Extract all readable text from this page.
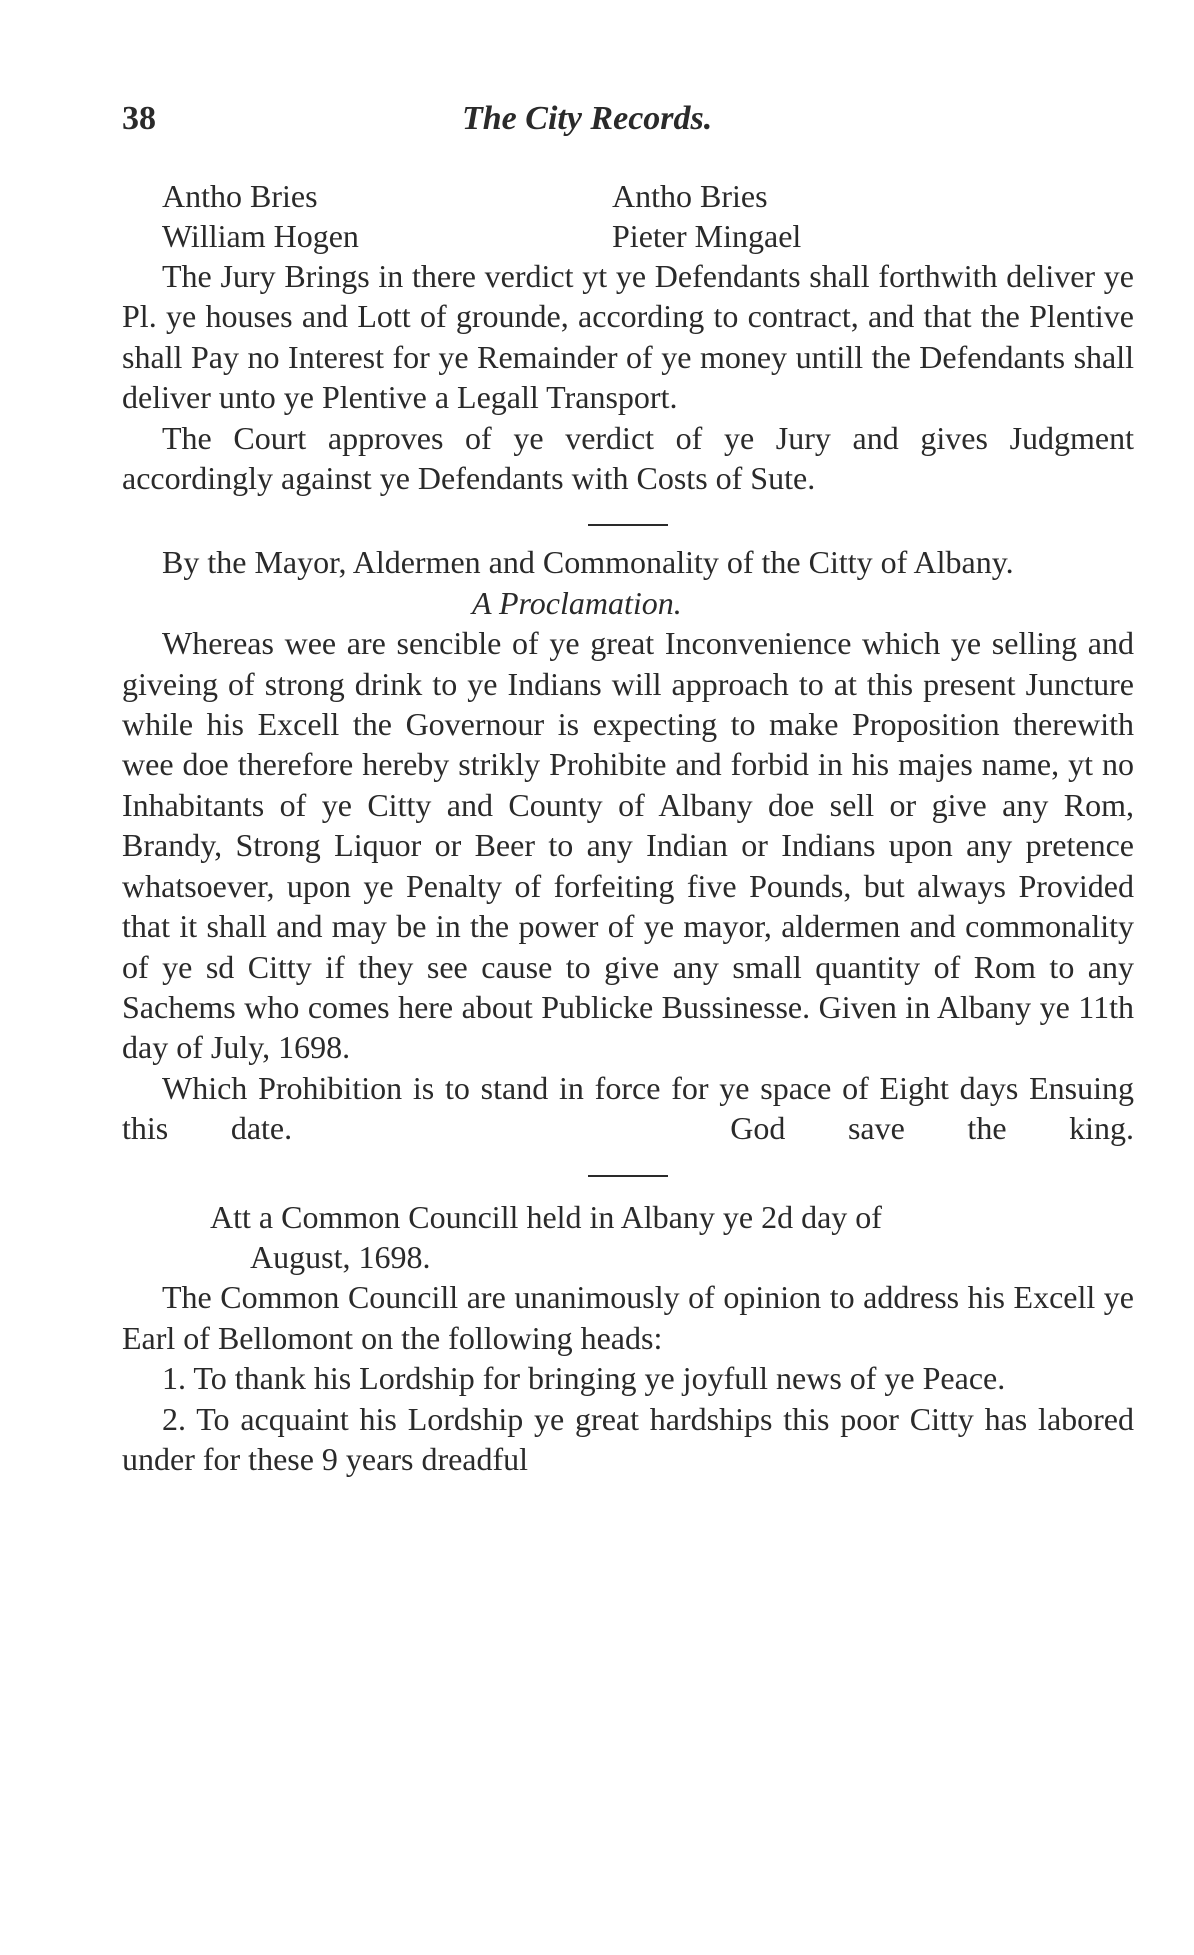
38	The City Records.
Antho Bries	Antho Bries
William Hogen	Pieter Mingael

The Jury Brings in there verdict yt ye Defendants shall forthwith deliver ye Pl. ye houses and Lott of grounde, according to contract, and that the Plentive shall Pay no Interest for ye Remainder of ye money untill the Defendants shall deliver unto ye Plentive a Legall Transport.

The Court approves of ye verdict of ye Jury and gives Judgment accordingly against ye Defendants with Costs of Sute.

By the Mayor, Aldermen and Commonality of the Citty of Albany.

A Proclamation.

Whereas wee are sencible of ye great Inconvenience which ye selling and giveing of strong drink to ye Indians will approach to at this present Juncture while his Excell the Governour is expecting to make Proposition therewith wee doe therefore hereby strikly Prohibite and forbid in his majes name, yt no Inhabitants of ye Citty and County of Albany doe sell or give any Rom, Brandy, Strong Liquor or Beer to any Indian or Indians upon any pretence whatsoever, upon ye Penalty of forfeiting five Pounds, but always Provided that it shall and may be in the power of ye mayor, aldermen and commonality of ye sd Citty if they see cause to give any small quantity of Rom to any Sachems who comes here about Publicke Bussinesse. Given in Albany ye 11th day of July, 1698.

Which Prohibition is to stand in force for ye space of Eight days Ensuing this date.	God save the king.

Att a Common Councill held in Albany ye 2d day of

August, 1698.

The Common Councill are unanimously of opinion to address his Excell ye Earl of Bellomont on the following heads:

1. To thank his Lordship for bringing ye joyfull news of ye Peace.

2. To acquaint his Lordship ye great hardships this poor Citty has labored under for these 9 years dreadful
